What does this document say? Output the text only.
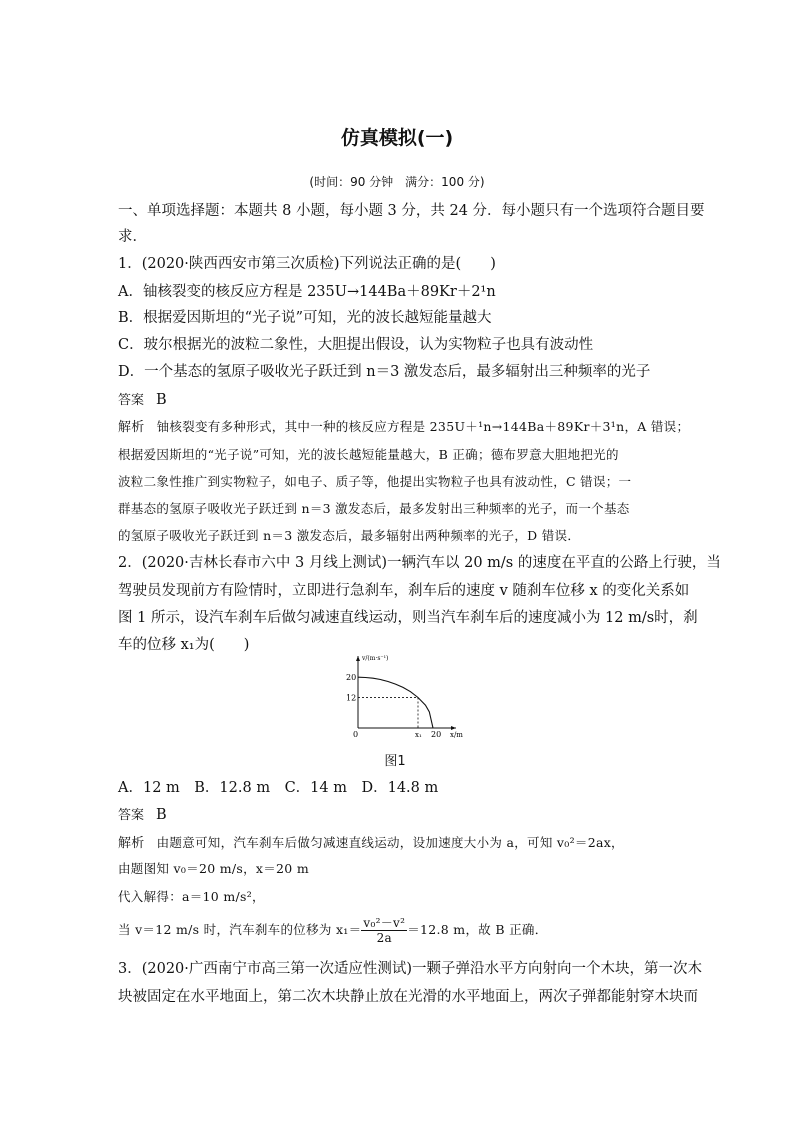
仿真模拟(一)
(时间：90 分钟　满分：100 分)
一、单项选择题：本题共 8 小题，每小题 3 分，共 24 分．每小题只有一个选项符合题目要
求．
1．(2020·陕西西安市第三次质检)下列说法正确的是(　　)
A．铀核裂变的核反应方程是 235U→144Ba＋89Kr＋2¹n
B．根据爱因斯坦的“光子说”可知，光的波长越短能量越大
C．玻尔根据光的波粒二象性，大胆提出假设，认为实物粒子也具有波动性
D．一个基态的氢原子吸收光子跃迁到 n＝3 激发态后，最多辐射出三种频率的光子
答案 B
解析 铀核裂变有多种形式，其中一种的核反应方程是 235U＋¹n→144Ba＋89Kr＋3¹n，A 错误；
根据爱因斯坦的“光子说”可知，光的波长越短能量越大，B 正确；德布罗意大胆地把光的
波粒二象性推广到实物粒子，如电子、质子等，他提出实物粒子也具有波动性，C 错误；一
群基态的氢原子吸收光子跃迁到 n＝3 激发态后，最多发射出三种频率的光子，而一个基态
的氢原子吸收光子跃迁到 n＝3 激发态后，最多辐射出两种频率的光子，D 错误．
2．(2020·吉林长春市六中 3 月线上测试)一辆汽车以 20 m/s 的速度在平直的公路上行驶，当
驾驶员发现前方有险情时，立即进行急刹车，刹车后的速度 v 随刹车位移 x 的变化关系如
图 1 所示，设汽车刹车后做匀减速直线运动，则当汽车刹车后的速度减小为 12 m/s时，刹
车的位移 x₁为(　　)
v/(m·s⁻¹)
x/m
20
12
0	x₁ 20
图1
A．12 m　B．12.8 m　C．14 m　D．14.8 m
答案 B
解析 由题意可知，汽车刹车后做匀减速直线运动，设加速度大小为 a，可知 v₀²＝2ax，
由题图知 v₀＝20 m/s，x＝20 m
代入解得：a＝10 m/s²，
当 v＝12 m/s 时，汽车刹车的位移为 $x_1= \frac{\text{v₀²－v²}}{2a} =12.8$ m，故 B 正确．
3．(2020·广西南宁市高三第一次适应性测试)一颗子弹沿水平方向射向一个木块，第一次木
块被固定在水平地面上，第二次木块静止放在光滑的水平地面上，两次子弹都能射穿木块而
